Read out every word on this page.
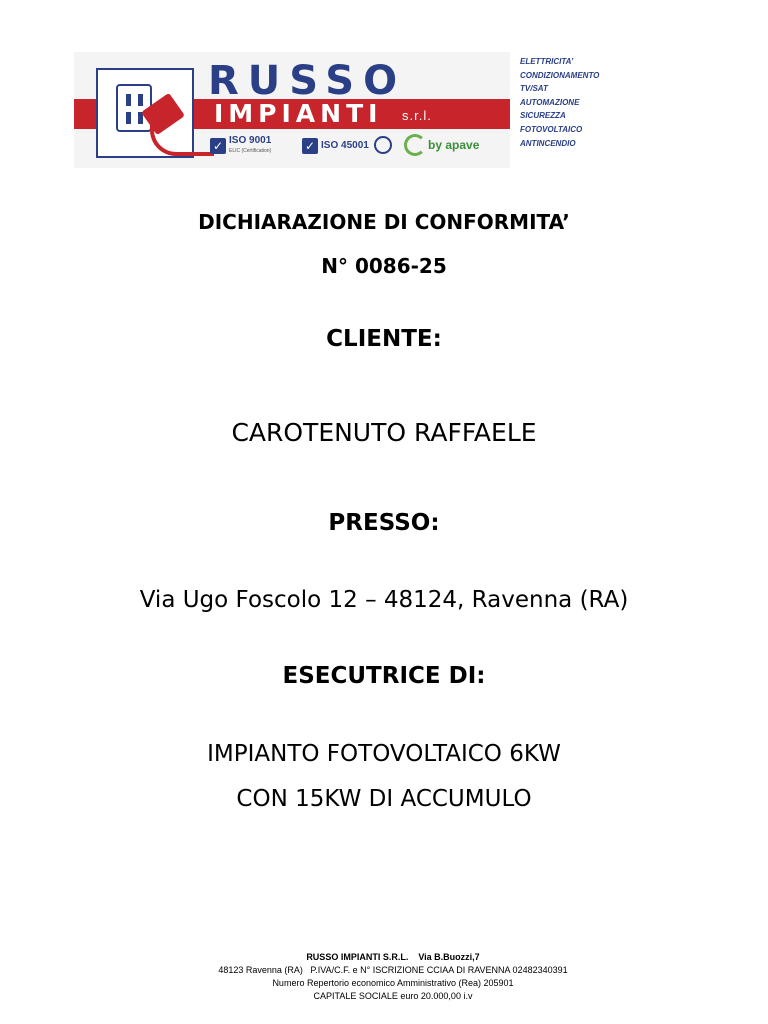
RUSSO
IMPIANTI s.r.l.
✓ ISO 9001
ELIC (Certification)	✓ ISO 45001	by apave
ELETTRICITA’
CONDIZIONAMENTO
TV/SAT
AUTOMAZIONE
SICUREZZA
FOTOVOLTAICO
ANTINCENDIO
DICHIARAZIONE DI CONFORMITA’
N° 0086-25
CLIENTE:
CAROTENUTO RAFFAELE
PRESSO:
Via Ugo Foscolo 12 – 48124, Ravenna (RA)
ESECUTRICE DI:
IMPIANTO FOTOVOLTAICO 6KW
CON 15KW DI ACCUMULO
RUSSO IMPIANTI S.R.L.    Via B.Buozzi,7
48123 Ravenna (RA)   P.IVA/C.F. e N° ISCRIZIONE CCIAA DI RAVENNA 02482340391
Numero Repertorio economico Amministrativo (Rea) 205901
CAPITALE SOCIALE euro 20.000,00 i.v
